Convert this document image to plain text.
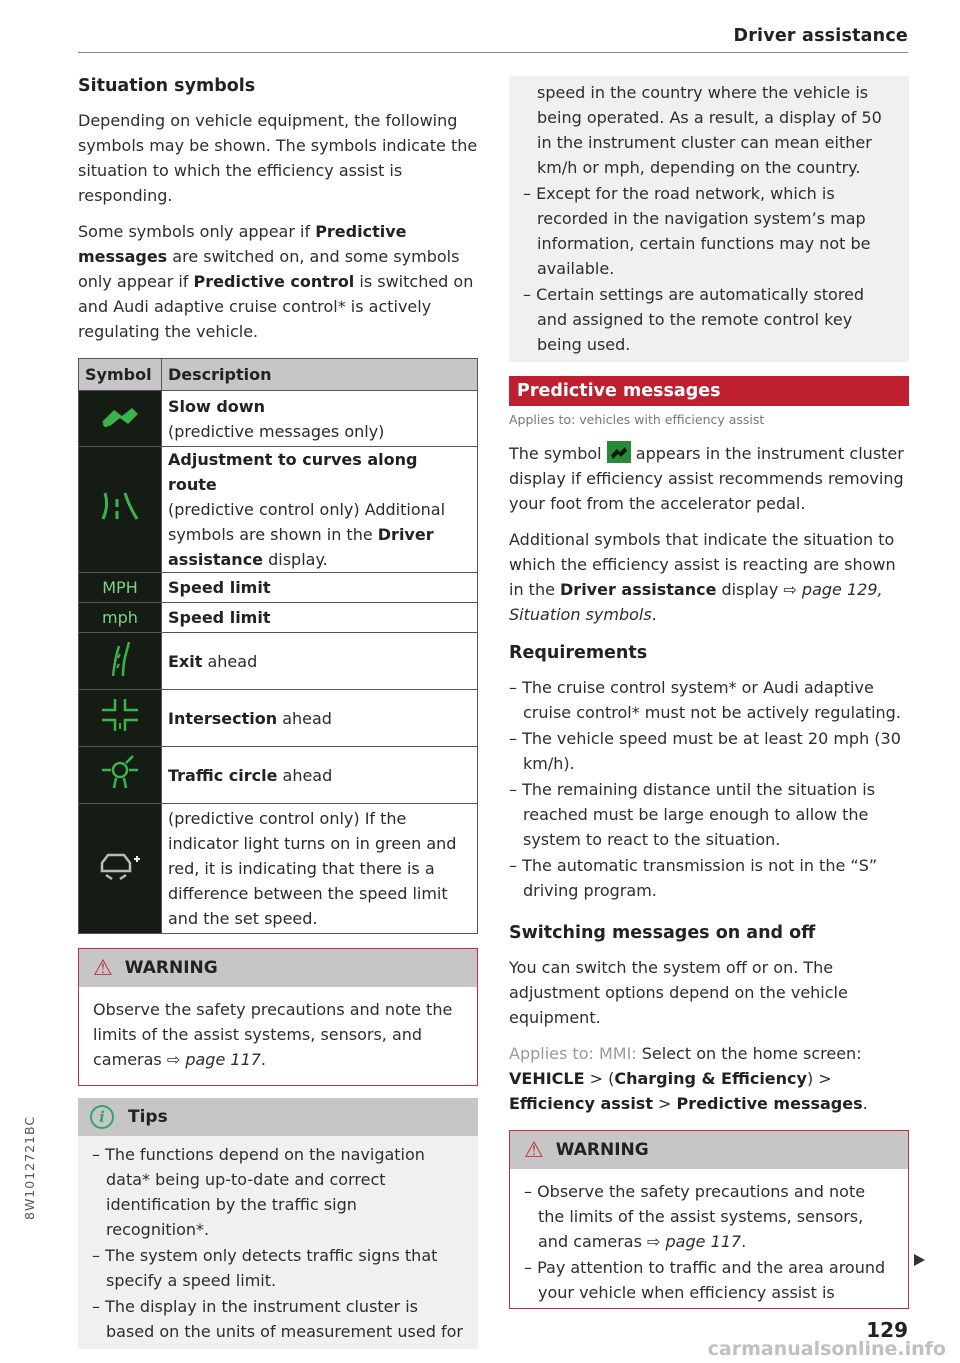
Driver assistance
Situation symbols

Depending on vehicle equipment, the following symbols may be shown. The symbols indicate the situation to which the efficiency assist is responding.

Some symbols only appear if Predictive messages are switched on, and some symbols only appear if Predictive control is switched on and Audi adaptive cruise control* is actively regulating the vehicle.

Symbol	Description
	Slow down
(predictive messages only)
	Adjustment to curves along route
(predictive control only) Additional symbols are shown in the Driver assistance display.
MPH	Speed limit
mph	Speed limit
	Exit ahead
	Intersection ahead
	Traffic circle ahead
	(predictive control only) If the indicator light turns on in green and red, it is indicating that there is a difference between the speed limit and the set speed.
⚠ WARNING

Observe the safety precautions and note the limits of the assist systems, sensors, and cameras ⇨ page 117.

i	Tips
– The functions depend on the navigation data* being up-to-date and correct identification by the traffic sign recognition*.
– The system only detects traffic signs that specify a speed limit.
– The display in the instrument cluster is based on the units of measurement used for

speed in the country where the vehicle is being operated. As a result, a display of 50 in the instrument cluster can mean either km/h or mph, depending on the country.

– Except for the road network, which is recorded in the navigation system’s map information, certain functions may not be available.
– Certain settings are automatically stored and assigned to the remote control key being used.
Predictive messages
Applies to: vehicles with efficiency assist

The symbol
appears in the instrument cluster display if efficiency assist recommends removing your foot from the accelerator pedal.

Additional symbols that indicate the situation to which the efficiency assist is reacting are shown in the Driver assistance display ⇨ page 129, Situation symbols.

Requirements
– The cruise control system* or Audi adaptive cruise control* must not be actively regulating.
– The vehicle speed must be at least 20 mph (30 km/h).
– The remaining distance until the situation is reached must be large enough to allow the system to react to the situation.
– The automatic transmission is not in the “S” driving program.
Switching messages on and off

You can switch the system off or on. The adjustment options depend on the vehicle equipment.

Applies to: MMI: Select on the home screen: VEHICLE > (Charging & Efficiency) > Efficiency assist > Predictive messages.

⚠ WARNING
– Observe the safety precautions and note the limits of the assist systems, sensors, and cameras ⇨ page 117.
– Pay attention to traffic and the area around your vehicle when efficiency assist is
129
8W1012721BC
carmanualsonline.info
